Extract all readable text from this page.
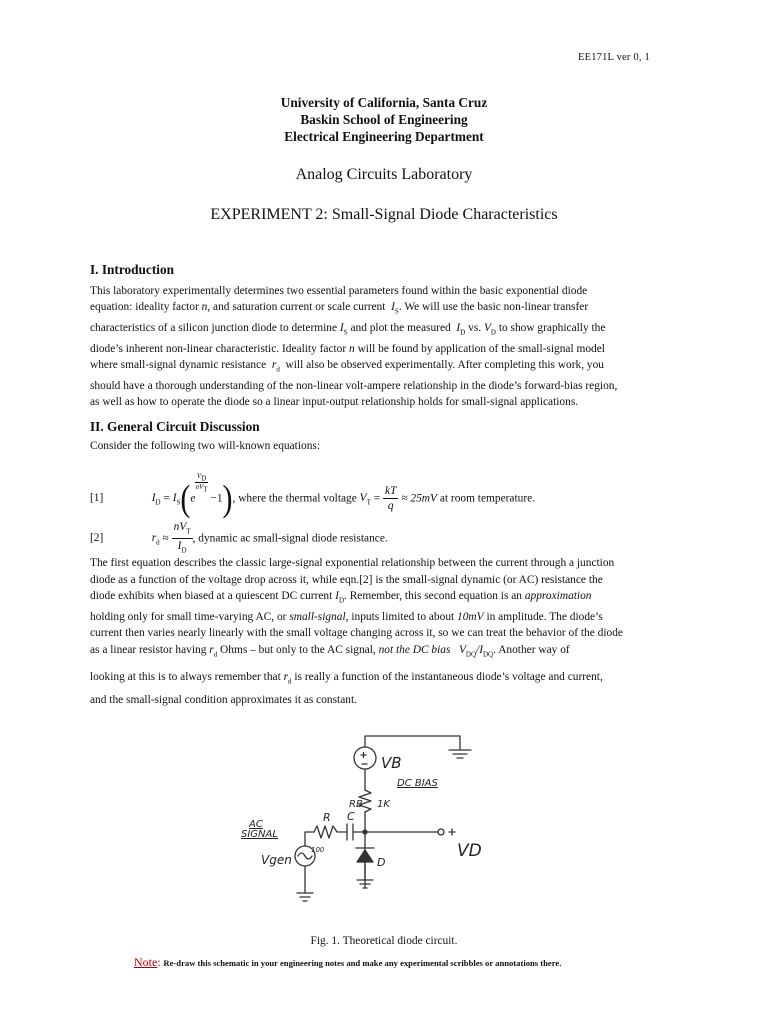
EE171L ver 0, 1
University of California, Santa Cruz
Baskin School of Engineering
Electrical Engineering Department
Analog Circuits Laboratory
EXPERIMENT 2: Small-Signal Diode Characteristics
I. Introduction
This laboratory experimentally determines two essential parameters found within the basic exponential diode
equation: ideality factor n, and saturation current or scale current $I_S$. We will use the basic non-linear transfer
characteristics of a silicon junction diode to determine $I_S$ and plot the measured  $I_D$ vs. $V_D$ to show graphically the
diode’s inherent non-linear characteristic. Ideality factor n will be found by application of the small-signal model
where small-signal dynamic resistance  $r_d$  will also be observed experimentally. After completing this work, you
should have a thorough understanding of the non-linear volt-ampere relationship in the diode’s forward-bias region,
as well as how to operate the diode so a linear input-output relationship holds for small-signal applications.
II. General Circuit Discussion
Consider the following two will-known equations:
[1]	$I_D = I_S(e$
$V_D$
$nV_T$
−1), where the thermal voltage $V_T = \frac{kT}{q} \approx 25mV$ at room temperature.
[2]	$r_d \approx \frac{nV_T}{I_D}$ , dynamic ac small-signal diode resistance.
The first equation describes the classic large-signal exponential relationship between the current through a junction
diode as a function of the voltage drop across it, while eqn.[2] is the small-signal dynamic (or AC) resistance the
diode exhibits when biased at a quiescent DC current $I_D$. Remember, this second equation is an approximation
holding only for small time-varying AC, or small-signal, inputs limited to about 10mV in amplitude. The diode’s
current then varies nearly linearly with the small voltage changing across it, so we can treat the behavior of the diode
as a linear resistor having $r_d$ Ohms – but only to the AC signal, not the DC bias $V_{DQ}/I_{DQ}$. Another way of
looking at this is to always remember that $r_d$ is really a function of the instantaneous diode’s voltage and current,
and the small-signal condition approximates it as constant.
VB
DC BIAS
RB 1K
R C
100
AC
SIGNAL
Vgen	D
VD
Fig. 1. Theoretical diode circuit.
Note: Re-draw this schematic in your engineering notes and make any experimental scribbles or annotations there.
